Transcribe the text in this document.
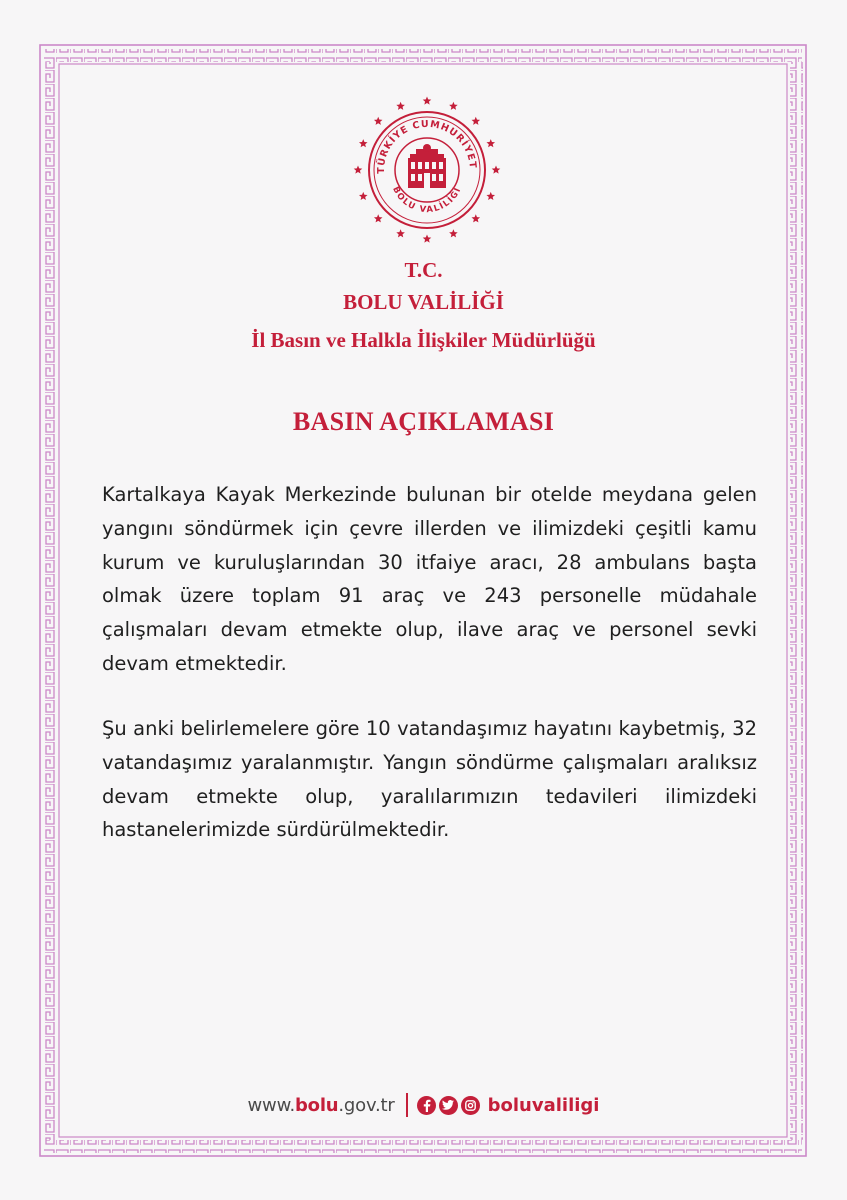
TÜRKİYE CUMHURİYET
BOLU VALİLİĞİ
T.C.
BOLU VALİLİĞİ
İl Basın ve Halkla İlişkiler Müdürlüğü
BASIN AÇIKLAMASI

Kartalkaya Kayak Merkezinde bulunan bir otelde meydana gelen yangını söndürmek için çevre illerden ve ilimizdeki çeşitli kamu kurum ve kuruluşlarından 30 itfaiye aracı, 28 ambulans başta olmak üzere toplam 91 araç ve 243 personelle müdahale çalışmaları devam etmekte olup, ilave araç ve personel sevki devam etmektedir.

Şu anki belirlemelere göre 10 vatandaşımız hayatını kaybetmiş, 32 vatandaşımız yaralanmıştır. Yangın söndürme çalışmaları aralıksız devam etmekte olup, yaralılarımızın tedavileri ilimizdeki hastanelerimizde sürdürülmektedir.

www.bolu.gov.tr	boluvaliligi
